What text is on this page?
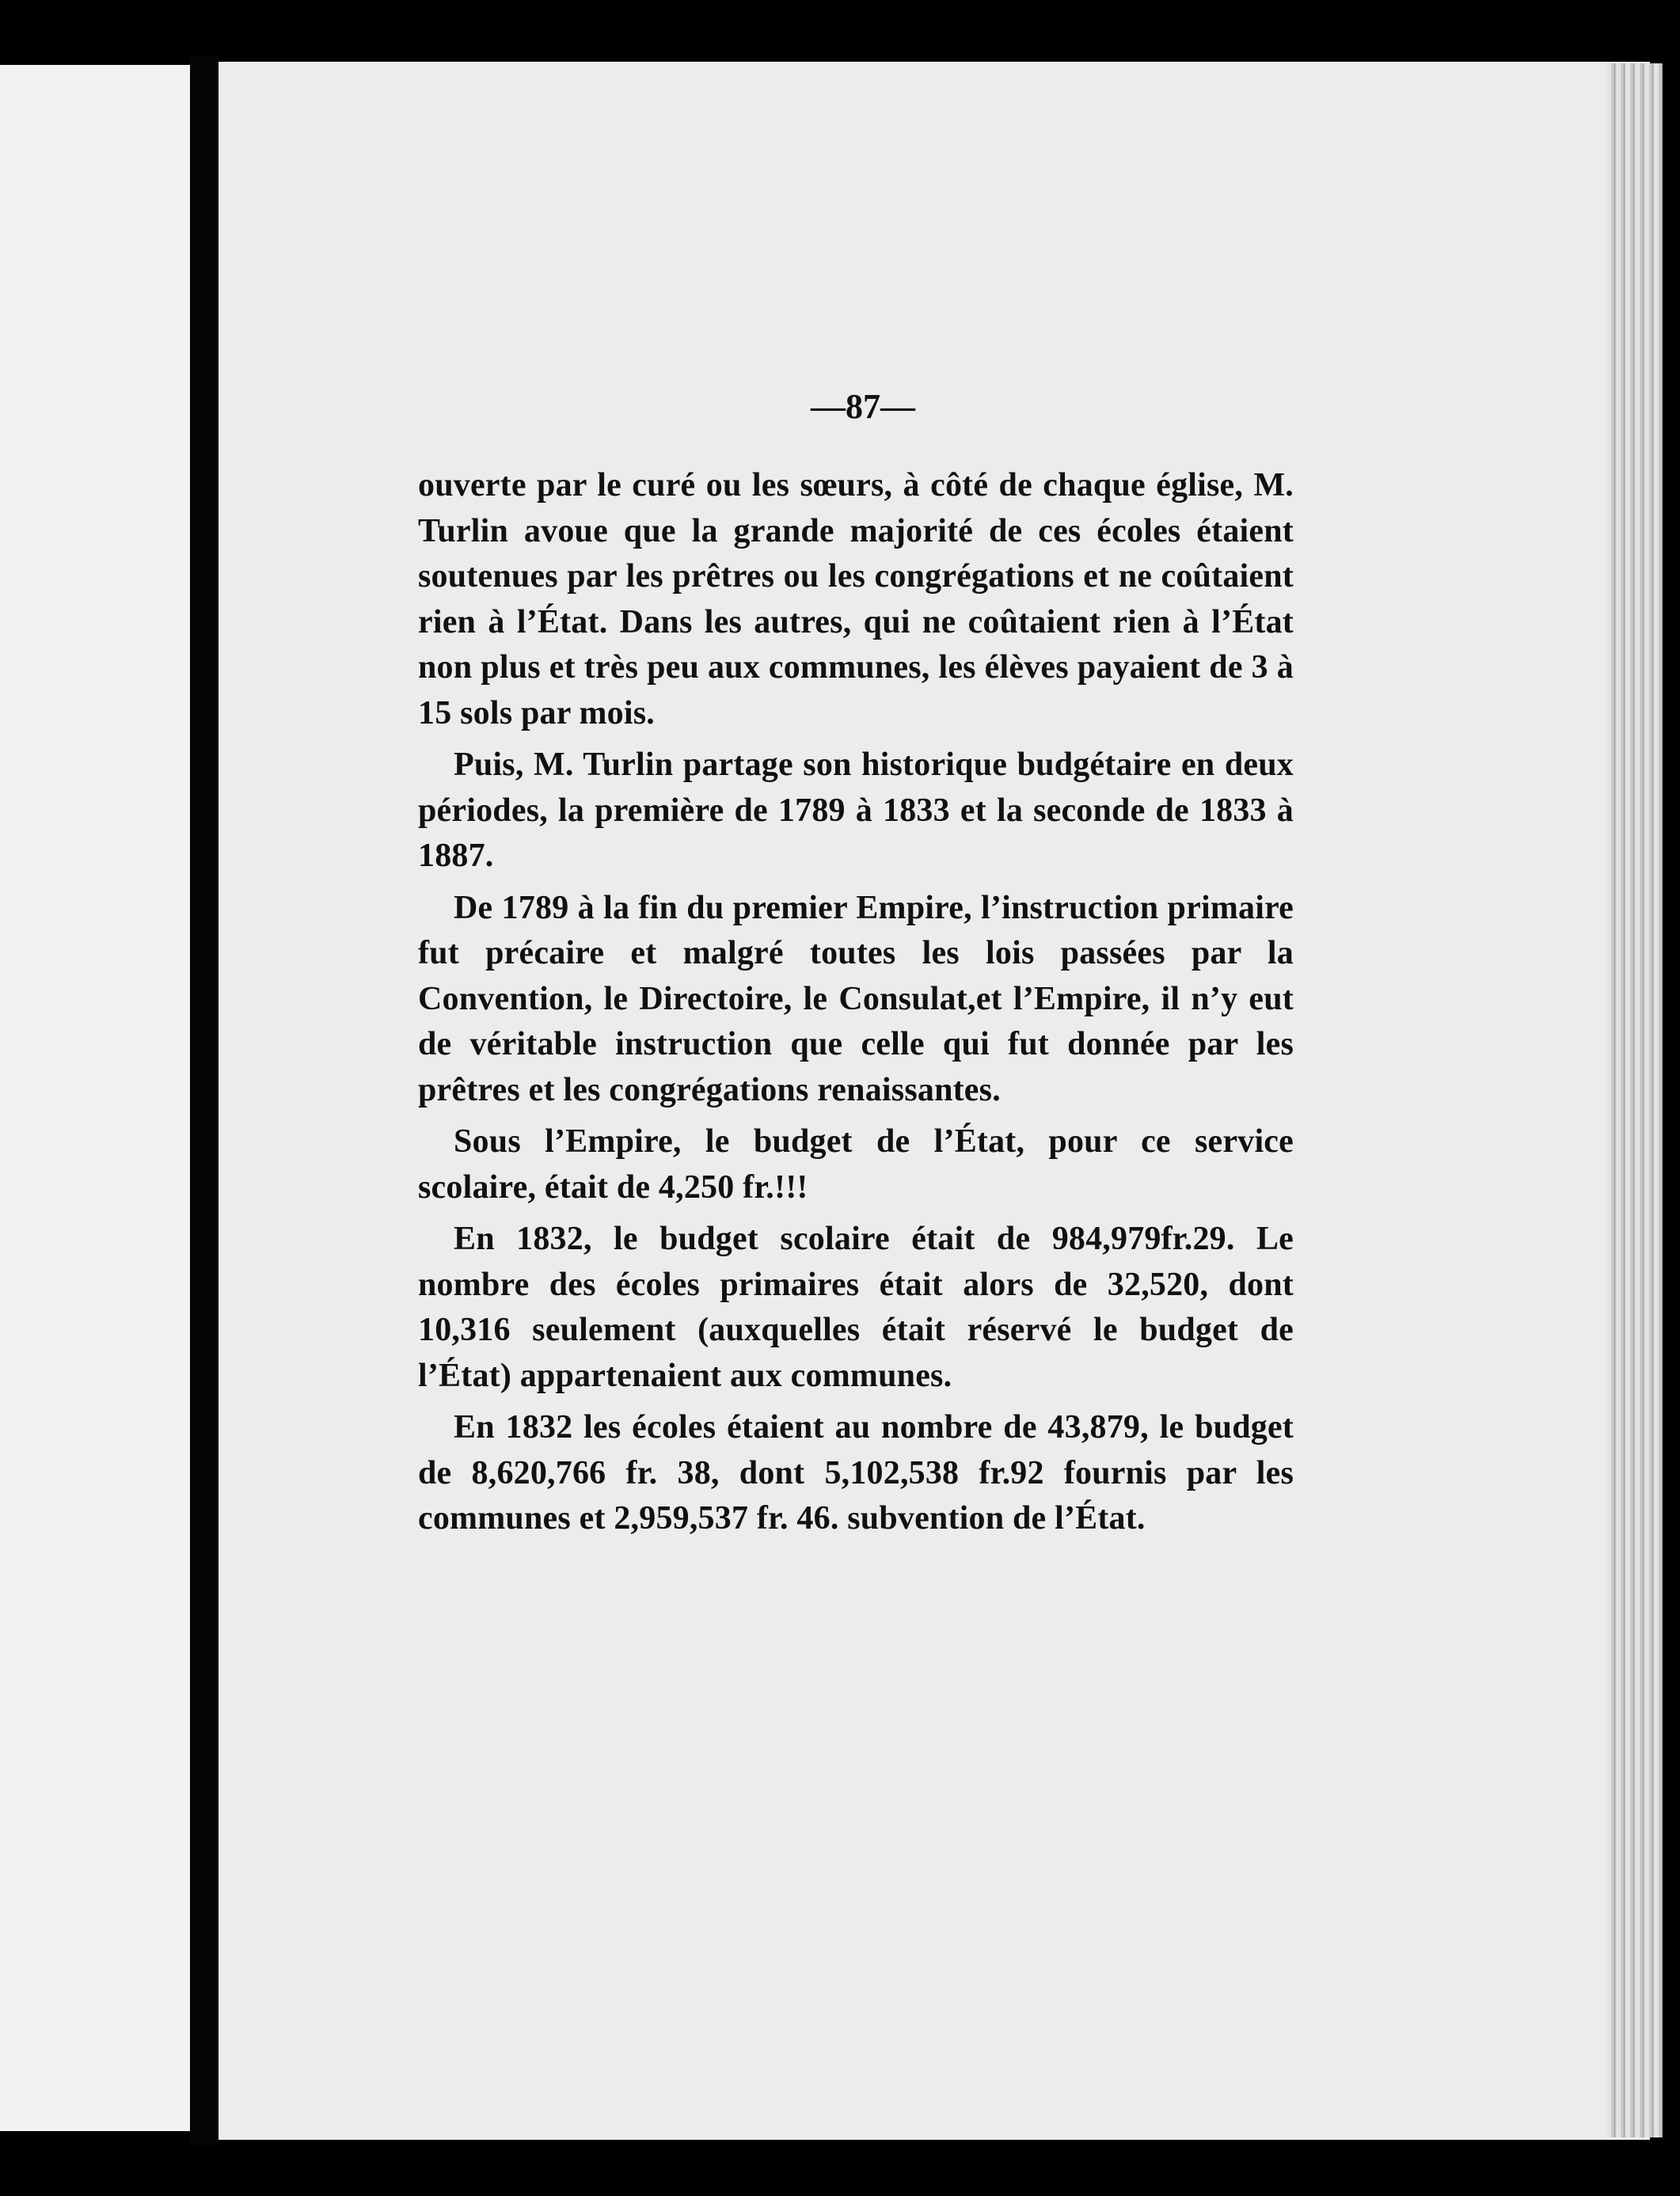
—87—

ouverte par le curé ou les sœurs, à côté de chaque église, M. Turlin avoue que la grande majorité de ces écoles étaient soutenues par les prêtres ou les congrégations et ne coûtaient rien à l’État. Dans les autres, qui ne coûtaient rien à l’État non plus et très peu aux communes, les élèves payaient de 3 à 15 sols par mois.

Puis, M. Turlin partage son historique budgétaire en deux périodes, la première de 1789 à 1833 et la seconde de 1833 à 1887.

De 1789 à la fin du premier Empire, l’instruction primaire fut précaire et malgré toutes les lois passées par la Convention, le Directoire, le Consulat,et l’Empire, il n’y eut de véritable instruction que celle qui fut donnée par les prêtres et les congrégations renaissantes.

Sous l’Empire, le budget de l’État, pour ce service scolaire, était de 4,250 fr.!!!

En 1832, le budget scolaire était de 984,979fr.29. Le nombre des écoles primaires était alors de 32,520, dont 10,316 seulement (auxquelles était réservé le budget de l’État) appartenaient aux communes.

En 1832 les écoles étaient au nombre de 43,879, le budget de 8,620,766 fr. 38, dont 5,102,538 fr.92 fournis par les communes et 2,959,537 fr. 46. subvention de l’État.
